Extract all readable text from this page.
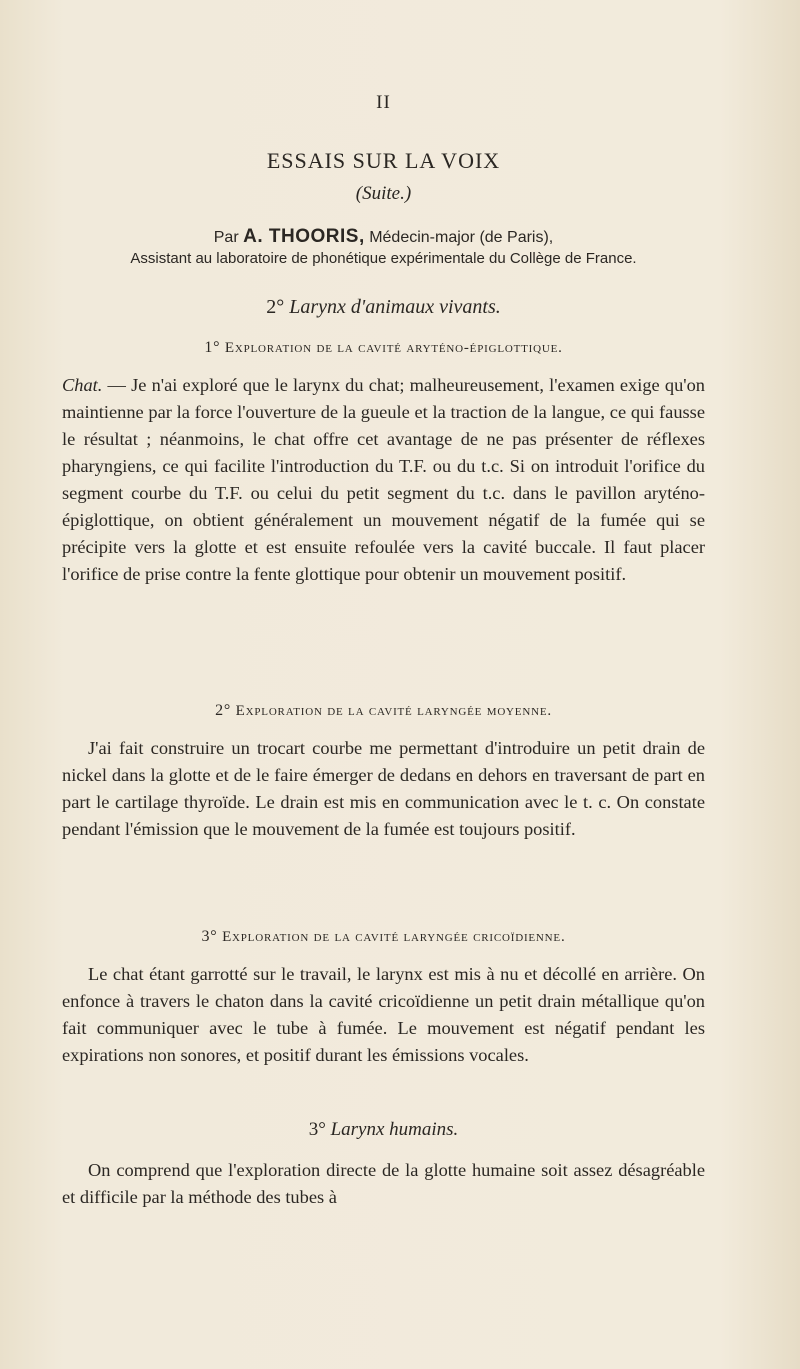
II
ESSAIS SUR LA VOIX
(Suite.)
Par A. THOORIS, Médecin-major (de Paris),
Assistant au laboratoire de phonétique expérimentale du Collège de France.
2° Larynx d'animaux vivants.
1° Exploration de la cavité aryténo-épiglottique.
Chat. — Je n'ai exploré que le larynx du chat; malheureusement, l'examen exige qu'on maintienne par la force l'ouverture de la gueule et la traction de la langue, ce qui fausse le résultat ; néanmoins, le chat offre cet avantage de ne pas présenter de réflexes pharyngiens, ce qui facilite l'introduction du T.F. ou du t.c. Si on introduit l'orifice du segment courbe du T.F. ou celui du petit segment du t.c. dans le pavillon aryténo-épiglottique, on obtient généralement un mouvement négatif de la fumée qui se précipite vers la glotte et est ensuite refoulée vers la cavité buccale. Il faut placer l'orifice de prise contre la fente glottique pour obtenir un mouvement positif.
2° Exploration de la cavité laryngée moyenne.
J'ai fait construire un trocart courbe me permettant d'introduire un petit drain de nickel dans la glotte et de le faire émerger de dedans en dehors en traversant de part en part le cartilage thyroïde. Le drain est mis en communication avec le t. c. On constate pendant l'émission que le mouvement de la fumée est toujours positif.
3° Exploration de la cavité laryngée cricoïdienne.
Le chat étant garrotté sur le travail, le larynx est mis à nu et décollé en arrière. On enfonce à travers le chaton dans la cavité cricoïdienne un petit drain métallique qu'on fait communiquer avec le tube à fumée. Le mouvement est négatif pendant les expirations non sonores, et positif durant les émissions vocales.
3° Larynx humains.
On comprend que l'exploration directe de la glotte humaine soit assez désagréable et difficile par la méthode des tubes à
